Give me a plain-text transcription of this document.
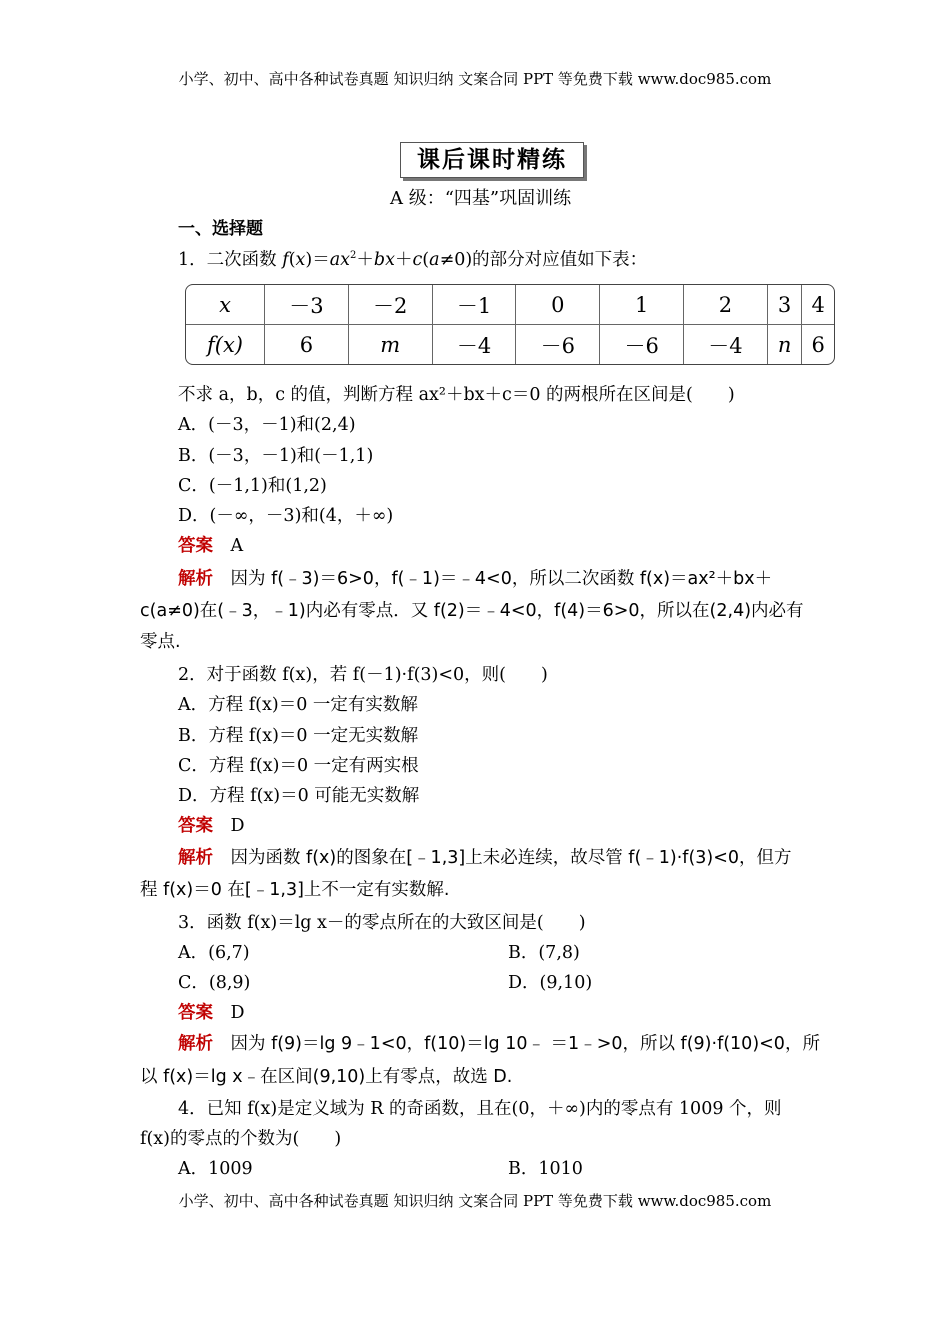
小学、初中、高中各种试卷真题 知识归纳 文案合同 PPT 等免费下载 www.doc985.com
小学、初中、高中各种试卷真题 知识归纳 文案合同 PPT 等免费下载 www.doc985.com
课后课时精练
A 级：“四基”巩固训练
一、选择题
1．二次函数 $f(x)=ax^2+bx+c(a\ne 0)$的部分对应值如下表：
x	－3	－2	－1	0	1	2	3	4
f(x)	6	m	－4	－6	－6	－4	n	6
不求 a，b，c 的值，判断方程 ax²＋bx＋c＝0 的两根所在区间是(　　)
A．(－3，－1)和(2,4)
B．(－3，－1)和(－1,1)
C．(－1,1)和(1,2)
D．(－∞，－3)和(4，＋∞)
答案　 A
解析　 因为 f(﹣3)＝6>0，f(﹣1)＝﹣4<0，所以二次函数 f(x)＝ax²＋bx＋
c(a≠0)在(﹣3，﹣1)内必有零点．又 f(2)＝﹣4<0，f(4)＝6>0，所以在(2,4)内必有
零点.
2．对于函数 f(x)，若 f(－1)·f(3)<0，则(　　)
A．方程 f(x)＝0 一定有实数解
B．方程 f(x)＝0 一定无实数解
C．方程 f(x)＝0 一定有两实根
D．方程 f(x)＝0 可能无实数解
答案　 D
解析　 因为函数 f(x)的图象在[﹣1,3]上未必连续，故尽管 f(﹣1)·f(3)<0，但方
程 f(x)＝0 在[﹣1,3]上不一定有实数解.
3．函数 f(x)＝lg x－的零点所在的大致区间是(　　)
A．(6,7)	B．(7,8)
C．(8,9)	D．(9,10)
答案　 D
解析　 因为 f(9)＝lg 9﹣1<0，f(10)＝lg 10﹣ ＝1﹣>0，所以 f(9)·f(10)<0，所
以 f(x)＝lg x﹣在区间(9,10)上有零点，故选 D.
4．已知 f(x)是定义域为 R 的奇函数，且在(0，＋∞)内的零点有 1009 个，则
f(x)的零点的个数为(　　)
A．1009	B．1010
